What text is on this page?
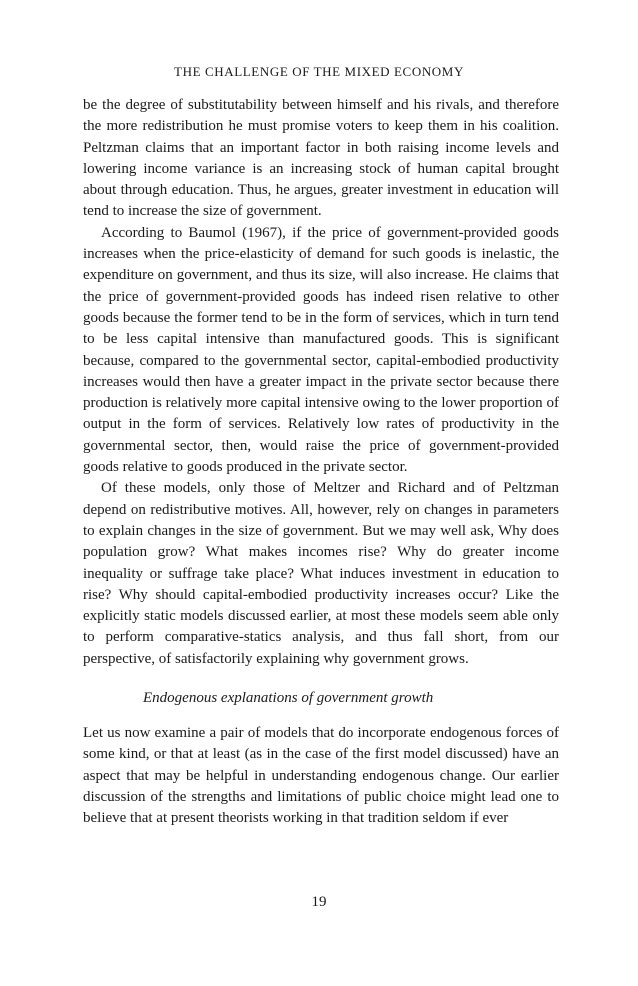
THE CHALLENGE OF THE MIXED ECONOMY

be the degree of substitutability between himself and his rivals, and therefore the more redistribution he must promise voters to keep them in his coalition. Peltzman claims that an important factor in both raising income levels and lowering income variance is an increasing stock of human capital brought about through education. Thus, he argues, greater investment in education will tend to increase the size of government.

According to Baumol (1967), if the price of government-provided goods increases when the price-elasticity of demand for such goods is inelastic, the expenditure on government, and thus its size, will also increase. He claims that the price of government-provided goods has indeed risen relative to other goods because the former tend to be in the form of services, which in turn tend to be less capital intensive than manufactured goods. This is significant because, compared to the governmental sector, capital-embodied productivity increases would then have a greater impact in the private sector because there production is relatively more capital intensive owing to the lower proportion of output in the form of services. Relatively low rates of productivity in the governmental sector, then, would raise the price of government-provided goods relative to goods produced in the private sector.

Of these models, only those of Meltzer and Richard and of Peltzman depend on redistributive motives. All, however, rely on changes in parameters to explain changes in the size of government. But we may well ask, Why does population grow? What makes incomes rise? Why do greater income inequality or suffrage take place? What induces investment in education to rise? Why should capital-embodied productivity increases occur? Like the explicitly static models discussed earlier, at most these models seem able only to perform comparative-statics analysis, and thus fall short, from our perspective, of satisfactorily explaining why government grows.

Endogenous explanations of government growth

Let us now examine a pair of models that do incorporate endogenous forces of some kind, or that at least (as in the case of the first model discussed) have an aspect that may be helpful in understanding endogenous change. Our earlier discussion of the strengths and limitations of public choice might lead one to believe that at present theorists working in that tradition seldom if ever

19
